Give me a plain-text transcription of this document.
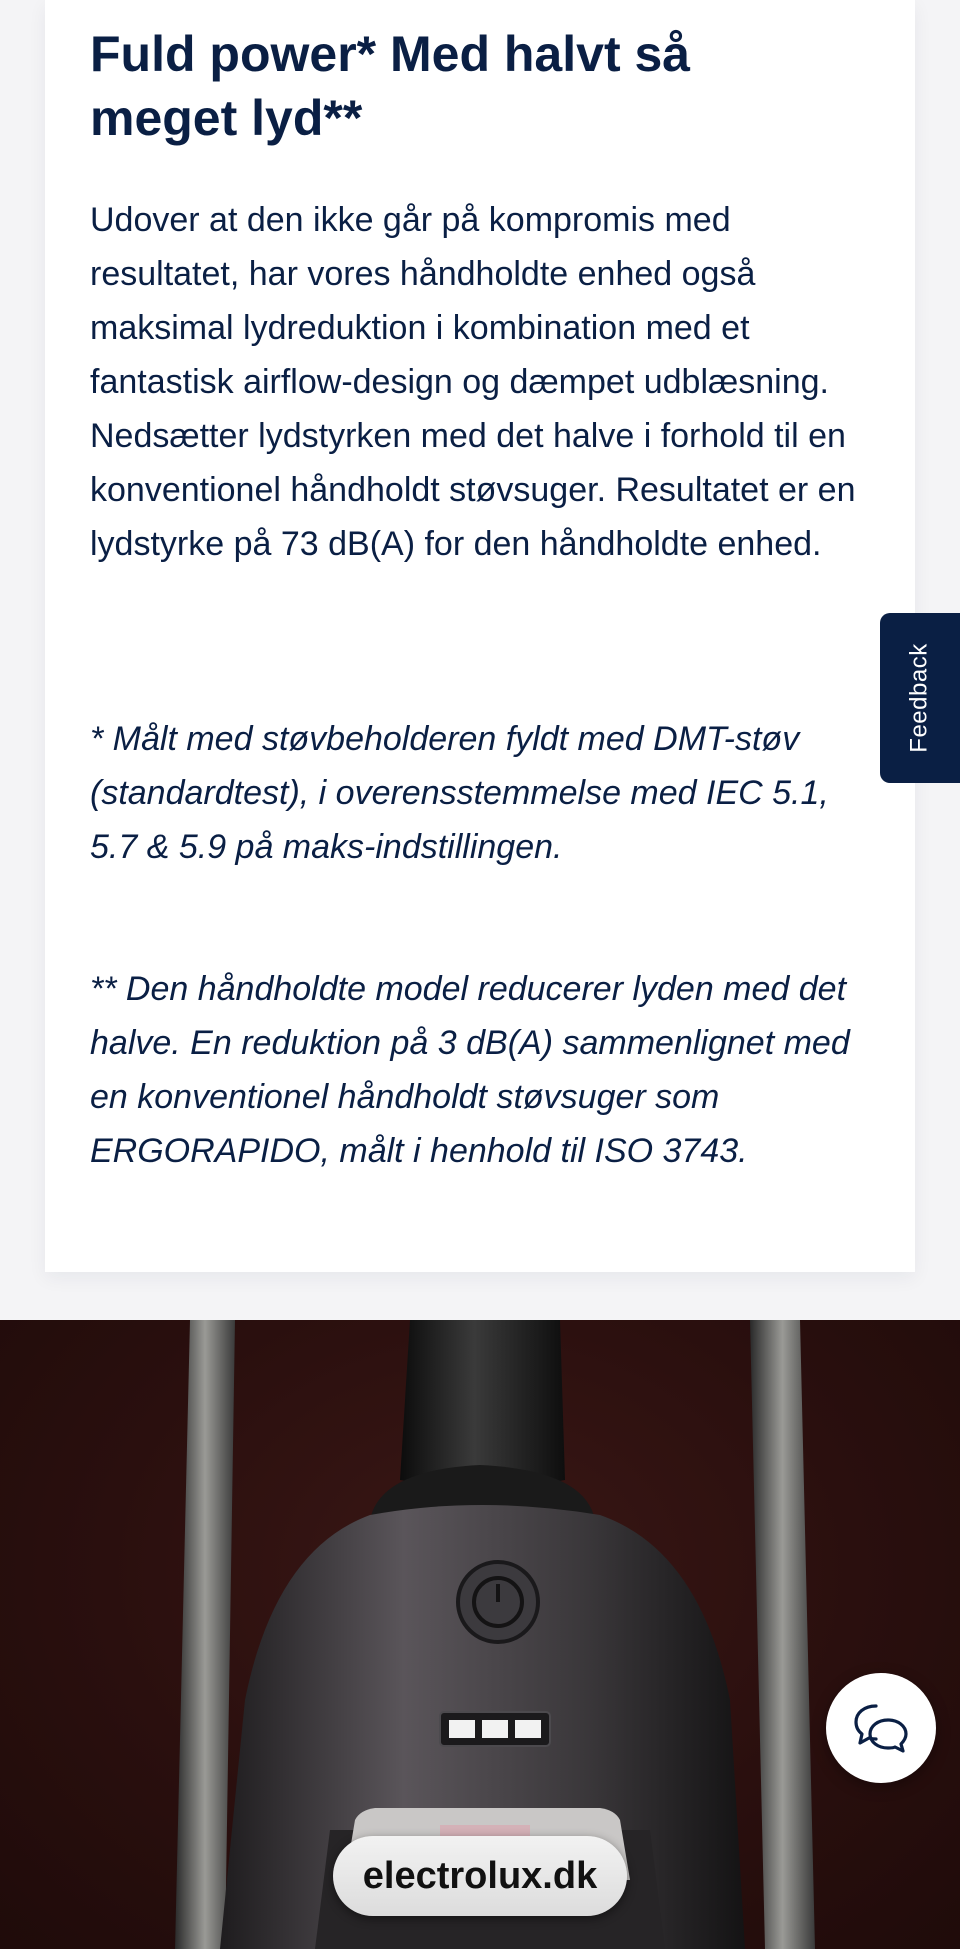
Fuld power* Med halvt så meget lyd**

Udover at den ikke går på kompromis med resultatet, har vores håndholdte enhed også maksimal lydreduktion i kombination med et fantastisk airflow-design og dæmpet udblæsning. Nedsætter lydstyrken med det halve i forhold til en konventionel håndholdt støvsuger. Resultatet er en lydstyrke på 73 dB(A) for den håndholdte enhed.

* Målt med støvbeholderen fyldt med DMT-støv (standardtest), i overensstemmelse med IEC 5.1, 5.7 & 5.9 på maks-indstillingen.

** Den håndholdte model reducerer lyden med det halve. En reduktion på 3 dB(A) sammenlignet med en konventionel håndholdt støvsuger som ERGORAPIDO, målt i henhold til ISO 3743.

Feedback
electrolux.dk
